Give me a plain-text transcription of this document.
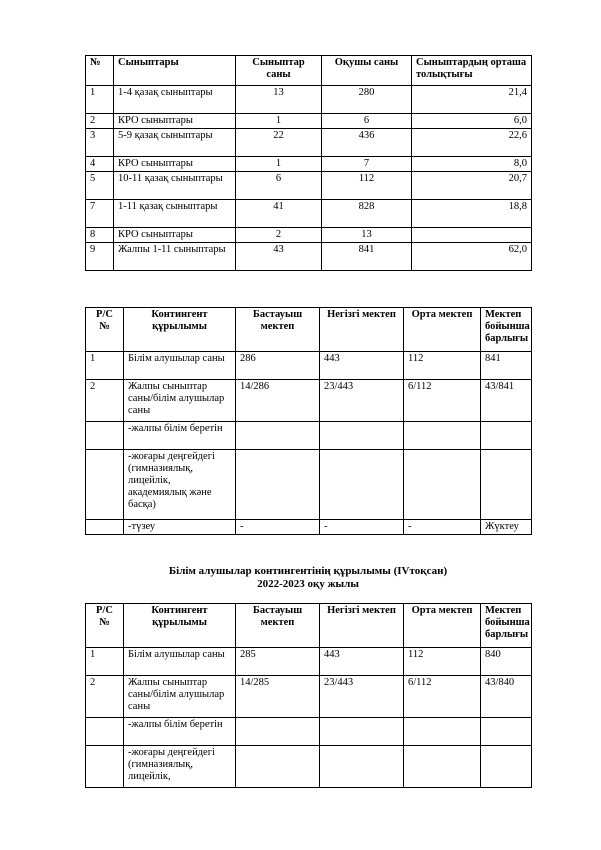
№	Сыныптары	Сыныптар саны	Оқушы саны	Сыныптардың орташа толықтығы
1	1-4 қазақ сыныптары	13	280	21,4
2	КРО сыныптары	1	6	6,0
3	5-9 қазақ сыныптары	22	436	22,6
4	КРО сыныптары	1	7	8,0
5	10-11 қазақ сыныптары	6	112	20,7
7	1-11 қазақ сыныптары	41	828	18,8
8	КРО сыныптары	2	13	
9	Жалпы 1-11 сыныптары	43	841	62,0
Р/С №	Контингент құрылымы	Бастауыш мектеп	Негізгі мектеп	Орта мектеп	Мектеп бойынша барлығы
1	Білім алушылар саны	286	443	112	841
2	Жалпы сыныптар саны/білім алушылар саны	14/286	23/443	6/112	43/841
	-жалпы білім беретін				
	-жоғары деңгейдегі (гимназиялық, лицейлік, академиялық және басқа)				
	-түзеу	-	-	-	Жүктеу
Білім алушылар контингентінің құрылымы (IVтоқсан)
2022-2023 оқу жылы
Р/С №	Контингент құрылымы	Бастауыш мектеп	Негізгі мектеп	Орта мектеп	Мектеп бойынша барлығы
1	Білім алушылар саны	285	443	112	840
2	Жалпы сыныптар саны/білім алушылар саны	14/285	23/443	6/112	43/840
	-жалпы білім беретін				
	-жоғары деңгейдегі (гимназиялық, лицейлік,				
